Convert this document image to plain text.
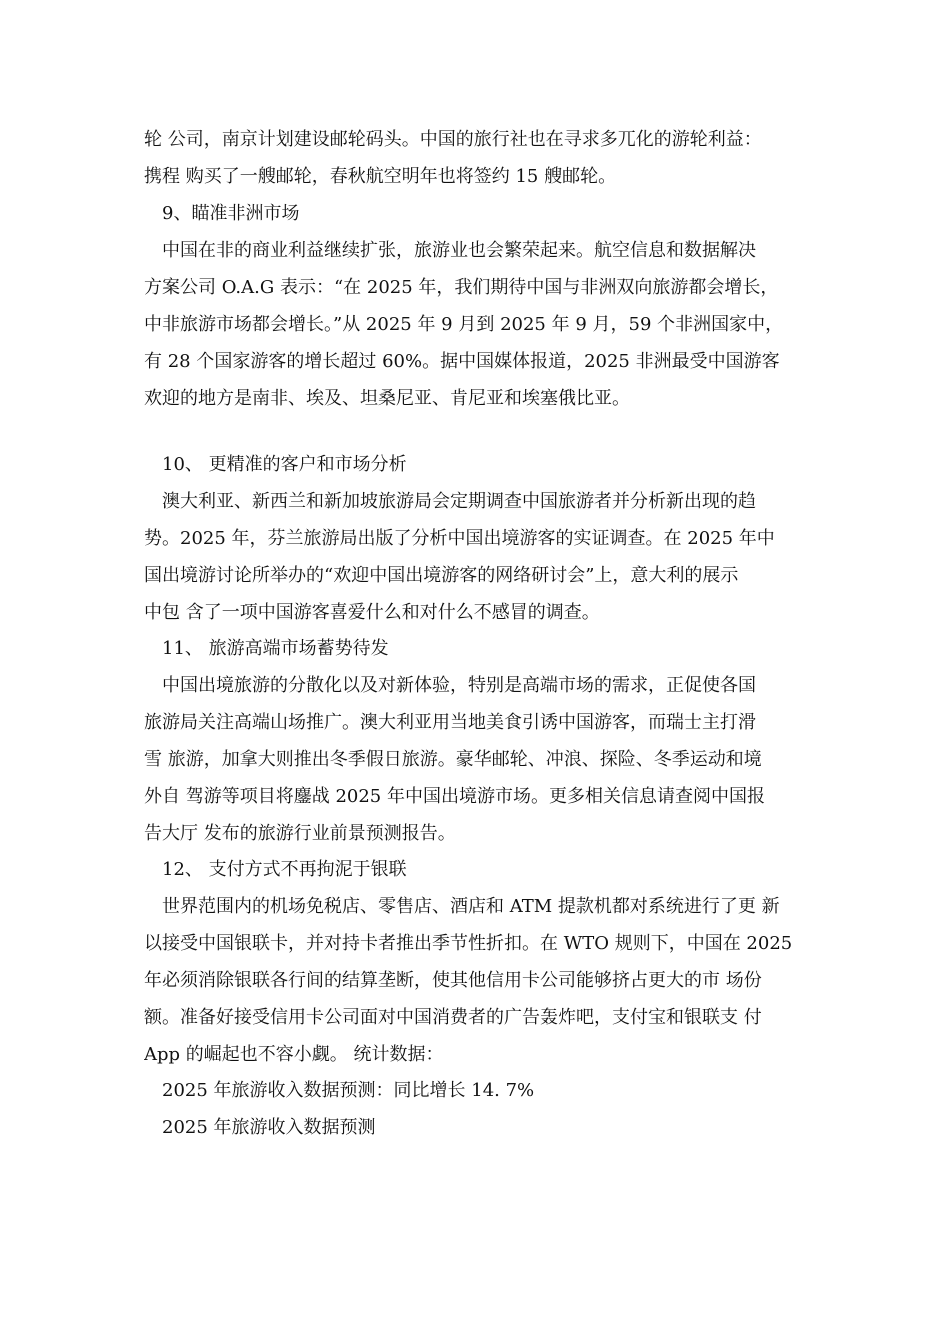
轮 公司，南京计划建设邮轮码头。中国的旅行社也在寻求多兀化的游轮利益：
携程 购买了一艘邮轮，春秋航空明年也将签约 15 艘邮轮。
9、瞄准非洲市场
中国在非的商业利益继续扩张，旅游业也会繁荣起来。航空信息和数据解决
方案公司 O.A.G 表示：“在 2025 年，我们期待中国与非洲双向旅游都会增长，
中非旅游市场都会增长。”从 2025 年 9 月到 2025 年 9 月，59 个非洲国家中，
有 28 个国家游客的增长超过 60%。据中国媒体报道，2025 非洲最受中国游客
欢迎的地方是南非、埃及、坦桑尼亚、肯尼亚和埃塞俄比亚。
10、 更精准的客户和市场分析
澳大利亚、新西兰和新加坡旅游局会定期调查中国旅游者并分析新出现的趋
势。2025 年，芬兰旅游局出版了分析中国出境游客的实证调查。在 2025 年中
国出境游讨论所举办的“欢迎中国出境游客的网络研讨会”上，意大利的展示
中包 含了一项中国游客喜爱什么和对什么不感冒的调查。
11、 旅游高端市场蓄势待发
中国出境旅游的分散化以及对新体验，特别是高端市场的需求，正促使各国
旅游局关注高端山场推广。澳大利亚用当地美食引诱中国游客，而瑞士主打滑
雪 旅游，加拿大则推出冬季假日旅游。豪华邮轮、冲浪、探险、冬季运动和境
外自 驾游等项目将鏖战 2025 年中国出境游市场。更多相关信息请查阅中国报
告大厅 发布的旅游行业前景预测报告。
12、 支付方式不再拘泥于银联
世界范围内的机场免税店、零售店、酒店和 ATM 提款机都对系统进行了更 新
以接受中国银联卡，并对持卡者推出季节性折扣。在 WTO 规则下，中国在 2025
年必须消除银联各行间的结算垄断，使其他信用卡公司能够挤占更大的市 场份
额。准备好接受信用卡公司面对中国消费者的广告轰炸吧，支付宝和银联支 付
App 的崛起也不容小觑。 统计数据：
2025 年旅游收入数据预测：同比增长 14. 7%
2025 年旅游收入数据预测
